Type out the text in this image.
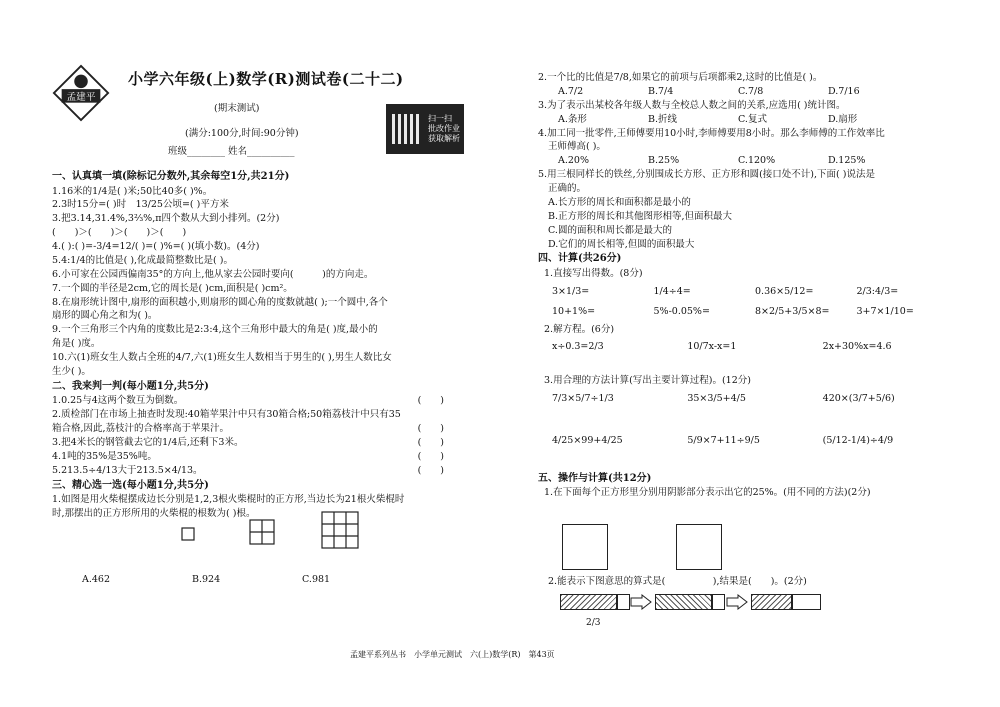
孟建平
小学六年级(上)数学(R)测试卷(二十二)
(期末测试)
(满分:100分,时间:90分钟)
班级________ 姓名__________
扫一扫
批改作业
获取解析
一、认真填一填(除标记分数外,其余每空1分,共21分)
1.16米的1/4是( )米;50比40多( )%。
2.3时15分=( )时　13/25公顷=( )平方米
3.把3.14,31.4%,3⅔%,π四个数从大到小排列。(2分)
(　　)＞(　　)＞(　　)＞(　　)
4.( ):( )=-3/4=12/( )=( )%=( )(填小数)。(4分)
5.4:1/4的比值是( ),化成最简整数比是( )。
6.小可家在公园西偏南35°的方向上,他从家去公园时要向(　　　)的方向走。
7.一个圆的半径是2cm,它的周长是( )cm,面积是( )cm²。
8.在扇形统计图中,扇形的面积越小,则扇形的圆心角的度数就越( );一个圆中,各个
扇形的圆心角之和为( )。
9.一个三角形三个内角的度数比是2:3:4,这个三角形中最大的角是( )度,最小的
角是( )度。
10.六(1)班女生人数占全班的4/7,六(1)班女生人数相当于男生的( ),男生人数比女
生少( )。
二、我来判一判(每小题1分,共5分)
1.0.25与4这两个数互为倒数。	(　　)
2.质检部门在市场上抽查时发现:40箱苹果汁中只有30箱合格;50箱荔枝汁中只有35
箱合格,因此,荔枝汁的合格率高于苹果汁。	(　　)
3.把4米长的钢管截去它的1/4后,还剩下3米。	(　　)
4.1吨的35%是35%吨。	(　　)
5.213.5÷4/13大于213.5×4/13。	(　　)
三、精心选一选(每小题1分,共5分)
1.如图是用火柴棍摆成边长分别是1,2,3根火柴棍时的正方形,当边长为21根火柴棍时
时,那摆出的正方形所用的火柴棍的根数为( )根。
A.462	B.924	C.981
2.一个比的比值是7/8,如果它的前项与后项都乘2,这时的比值是( )。
A.7/2	B.7/4	C.7/8	D.7/16
3.为了表示出某校各年级人数与全校总人数之间的关系,应选用( )统计图。
A.条形	B.折线	C.复式	D.扇形
4.加工同一批零件,王师傅要用10小时,李师傅要用8小时。那么李师傅的工作效率比
王师傅高( )。
A.20%	B.25%	C.120%	D.125%
5.用三根同样长的铁丝,分别围成长方形、正方形和圆(接口处不计),下面( )说法是
正确的。
A.长方形的周长和面积都是最小的
B.正方形的周长和其他图形相等,但面积最大
C.圆的面积和周长都是最大的
D.它们的周长相等,但圆的面积最大
四、计算(共26分)
1.直接写出得数。(8分)
3×1/3=	1/4÷4=	0.36×5/12=	2/3:4/3=
10+1%=	5%-0.05%=	8×2/5+3/5×8=	3+7×1/10=
2.解方程。(6分)
x÷0.3=2/3	10/7x-x=1	2x+30%x=4.6
3.用合理的方法计算(写出主要计算过程)。(12分)
7/3×5/7÷1/3	35×3/5+4/5	420×(3/7+5/6)
4/25×99+4/25	5/9×7+11÷9/5	(5/12-1/4)÷4/9
五、操作与计算(共12分)
1.在下面每个正方形里分别用阴影部分表示出它的25%。(用不同的方法)(2分)
2.能表示下图意思的算式是(　　　　　),结果是(　　)。(2分)
2/3
孟建平系列丛书　小学单元测试　六(上)数学(R)　第43页
